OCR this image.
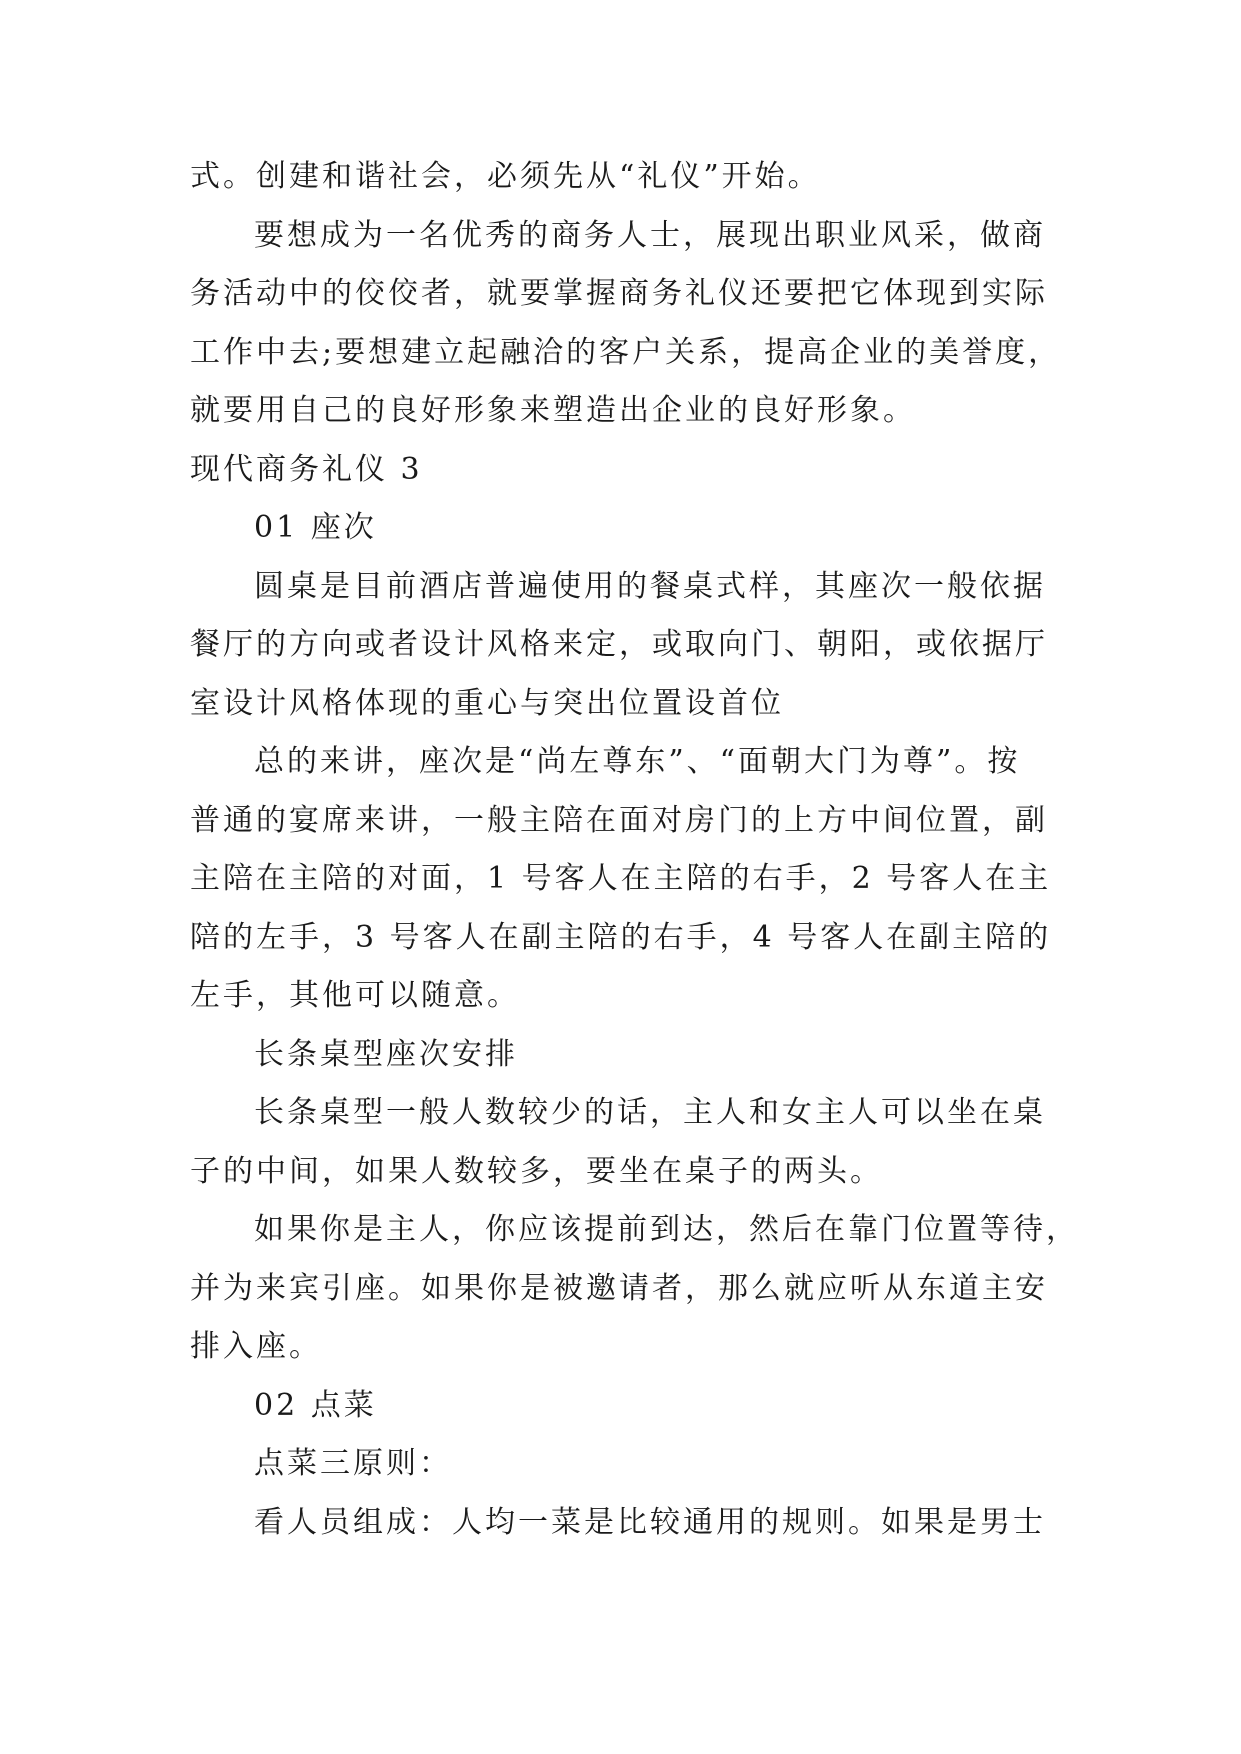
式。创建和谐社会，必须先从“礼仪”开始。
要想成为一名优秀的商务人士，展现出职业风采，做商
务活动中的佼佼者，就要掌握商务礼仪还要把它体现到实际
工作中去;要想建立起融洽的客户关系，提高企业的美誉度，
就要用自己的良好形象来塑造出企业的良好形象。
现代商务礼仪 3
01 座次
圆桌是目前酒店普遍使用的餐桌式样，其座次一般依据
餐厅的方向或者设计风格来定，或取向门、朝阳，或依据厅
室设计风格体现的重心与突出位置设首位
总的来讲，座次是“尚左尊东”、“面朝大门为尊”。按
普通的宴席来讲，一般主陪在面对房门的上方中间位置，副
主陪在主陪的对面，1 号客人在主陪的右手，2 号客人在主
陪的左手，3 号客人在副主陪的右手，4 号客人在副主陪的
左手，其他可以随意。
长条桌型座次安排
长条桌型一般人数较少的话，主人和女主人可以坐在桌
子的中间，如果人数较多，要坐在桌子的两头。
如果你是主人，你应该提前到达，然后在靠门位置等待，
并为来宾引座。如果你是被邀请者，那么就应听从东道主安
排入座。
02 点菜
点菜三原则：
看人员组成：人均一菜是比较通用的规则。如果是男士
